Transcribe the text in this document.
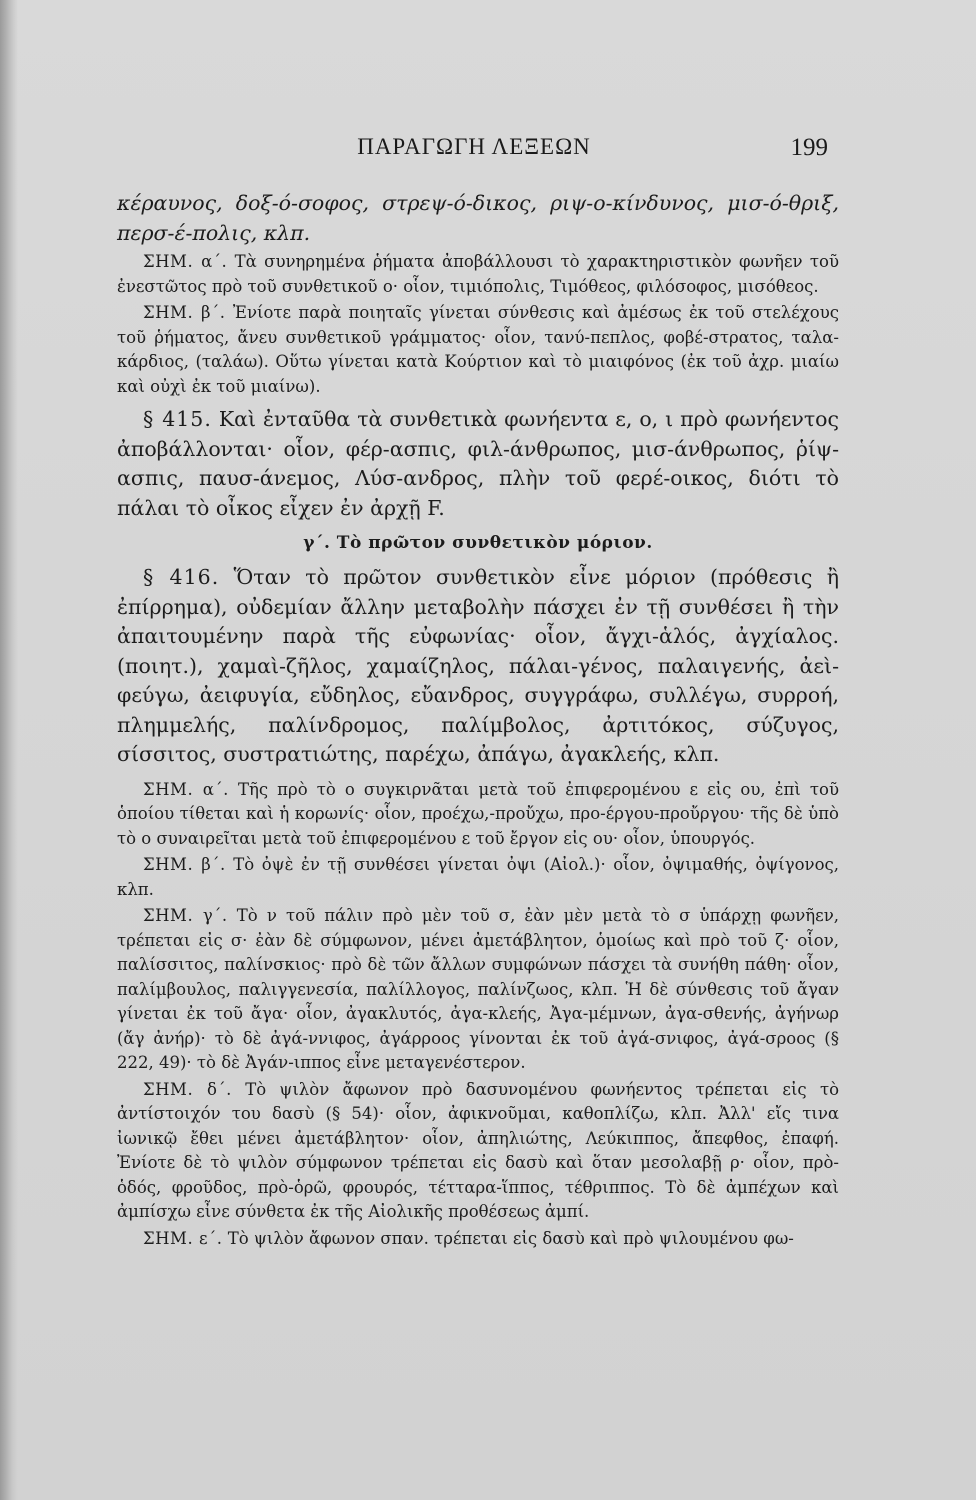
ΠΑΡΑΓΩΓΗ ΛΕΞΕΩΝ	199

κέραυνος, δοξ-ό-σοφος, στρεψ-ό-δικος, ριψ-ο-κίνδυνος, μισ-ό-θριξ, περσ-έ-πολις, κλπ.

ΣΗΜ. α΄. Τὰ συνηρημένα ῥήματα ἀποβάλλουσι τὸ χαρακτηριστικὸν φωνῆεν τοῦ ἐνεστῶτος πρὸ τοῦ συνθετικοῦ ο· οἷον, τιμιόπολις, Τιμόθεος, φιλόσοφος, μισόθεος.

ΣΗΜ. β΄. Ἐνίοτε παρὰ ποιηταῖς γίνεται σύνθεσις καὶ ἀμέσως ἐκ τοῦ στελέχους τοῦ ῥήματος, ἄνευ συνθετικοῦ γράμματος· οἷον, τανύ-πεπλος, φοβέ-στρατος, ταλα-κάρδιος, (ταλάω). Οὕτω γίνεται κατὰ Κούρτιον καὶ τὸ μιαιφόνος (ἐκ τοῦ ἀχρ. μιαίω καὶ οὐχὶ ἐκ τοῦ μιαίνω).

§ 415. Καὶ ἐνταῦθα τὰ συνθετικὰ φωνήεντα ε, ο, ι πρὸ φωνήεντος ἀποβάλλονται· οἷον, φέρ-ασπις, φιλ-άνθρωπος, μισ-άνθρωπος, ῥίψ-ασπις, παυσ-άνεμος, Λύσ-ανδρος, πλὴν τοῦ φερέ-οικος, διότι τὸ πάλαι τὸ οἶκος εἶχεν ἐν ἀρχῇ F.

γ΄. Τὸ πρῶτον συνθετικὸν μόριον.

§ 416. Ὅταν τὸ πρῶτον συνθετικὸν εἶνε μόριον (πρόθεσις ἢ ἐπίρρημα), οὐδεμίαν ἄλλην μεταβολὴν πάσχει ἐν τῇ συνθέσει ἢ τὴν ἀπαιτουμένην παρὰ τῆς εὐφωνίας· οἷον, ἄγχι-ἁλός, ἀγχίαλος. (ποιητ.), χαμαὶ-ζῆλος, χαμαίζηλος, πάλαι-γένος, παλαιγενής, ἀεὶ-φεύγω, ἀειφυγία, εὔδηλος, εὔανδρος, συγγράφω, συλλέγω, συρροή, πλημμελής, παλίνδρομος, παλίμβολος, ἀρτιτόκος, σύζυγος, σίσσιτος, συστρατιώτης, παρέχω, ἀπάγω, ἀγακλεής, κλπ.

ΣΗΜ. α΄. Τῆς πρὸ τὸ ο συγκιρνᾶται μετὰ τοῦ ἐπιφερομένου ε εἰς ου, ἐπὶ τοῦ ὁποίου τίθεται καὶ ἡ κορωνίς· οἷον, προέχω,-προὔχω, προ-έργου-προὔργου· τῆς δὲ ὑπὸ τὸ ο συναιρεῖται μετὰ τοῦ ἐπιφερομένου ε τοῦ ἔργον εἰς ου· οἷον, ὑπουργός.

ΣΗΜ. β΄. Τὸ ὀψὲ ἐν τῇ συνθέσει γίνεται ὀψι (Αἰολ.)· οἷον, ὀψιμαθής, ὀψίγονος, κλπ.

ΣΗΜ. γ΄. Τὸ ν τοῦ πάλιν πρὸ μὲν τοῦ σ, ἐὰν μὲν μετὰ τὸ σ ὑπάρχῃ φωνῆεν, τρέπεται εἰς σ· ἐὰν δὲ σύμφωνον, μένει ἀμετάβλητον, ὁμοίως καὶ πρὸ τοῦ ζ· οἷον, παλίσσιτος, παλίνσκιος· πρὸ δὲ τῶν ἄλλων συμφώνων πάσχει τὰ συνήθη πάθη· οἷον, παλίμβουλος, παλιγγενεσία, παλίλλογος, παλίνζωος, κλπ. Ἡ δὲ σύνθεσις τοῦ ἄγαν γίνεται ἐκ τοῦ ἄγα· οἷον, ἀγακλυτός, ἀγα-κλεής, Ἀγα-μέμνων, ἀγα-σθενής, ἀγήνωρ (ἄγ ἀνήρ)· τὸ δὲ ἀγά-ννιφος, ἀγάρροος γίνονται ἐκ τοῦ ἀγά-σνιφος, ἀγά-σροος (§ 222, 49)· τὸ δὲ Ἀγάν-ιππος εἶνε μεταγενέστερον.

ΣΗΜ. δ΄. Τὸ ψιλὸν ἄφωνον πρὸ δασυνομένου φωνήεντος τρέπεται εἰς τὸ ἀντίστοιχόν του δασὺ (§ 54)· οἷον, ἀφικνοῦμαι, καθοπλίζω, κλπ. Ἀλλ' εἴς τινα ἰωνικῷ ἔθει μένει ἀμετάβλητον· οἷον, ἀπηλιώτης, Λεύκιππος, ἄπεφθος, ἐπαφή. Ἐνίοτε δὲ τὸ ψιλὸν σύμφωνον τρέπεται εἰς δασὺ καὶ ὅταν μεσολαβῇ ρ· οἷον, πρὸ-ὁδός, φροῦδος, πρὸ-ὁρῶ, φρουρός, τέτταρα-ἵππος, τέθριππος. Τὸ δὲ ἀμπέχων καὶ ἀμπίσχω εἶνε σύνθετα ἐκ τῆς Αἰολικῆς προθέσεως ἀμπί.

ΣΗΜ. ε΄. Τὸ ψιλὸν ἄφωνον σπαν. τρέπεται εἰς δασὺ καὶ πρὸ ψιλουμένου φω-
